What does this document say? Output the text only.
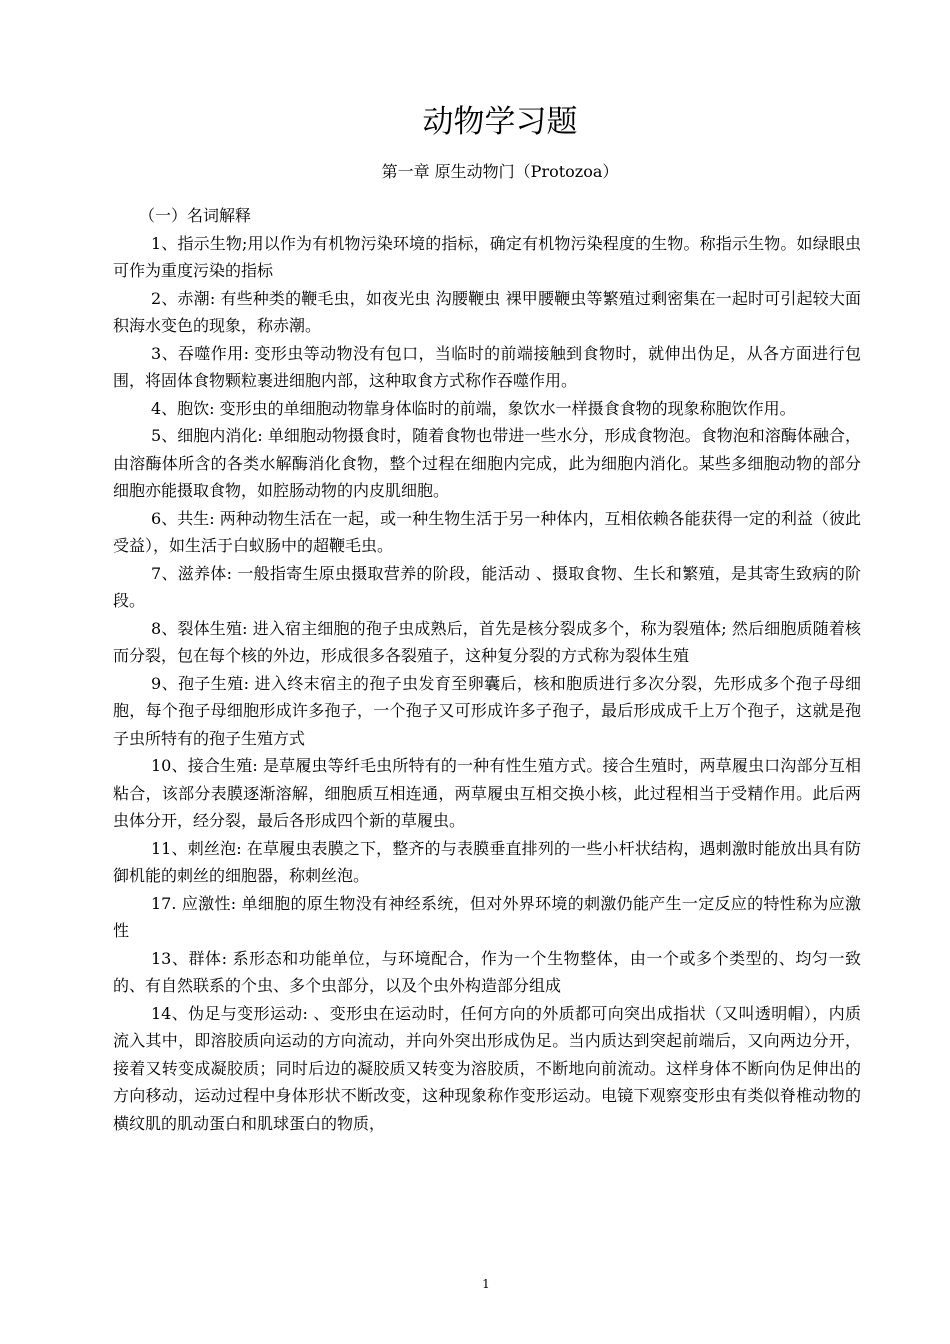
动物学习题
第一章 原生动物门（Protozoa）

（一）名词解释

1、指示生物;用以作为有机物污染环境的指标，确定有机物污染程度的生物。称指示生物。如绿眼虫可作为重度污染的指标

2、赤潮: 有些种类的鞭毛虫，如夜光虫 沟腰鞭虫 裸甲腰鞭虫等繁殖过剩密集在一起时可引起较大面积海水变色的现象，称赤潮。

3、吞噬作用: 变形虫等动物没有包口，当临时的前端接触到食物时，就伸出伪足，从各方面进行包围，将固体食物颗粒裹进细胞内部，这种取食方式称作吞噬作用。

4、胞饮: 变形虫的单细胞动物靠身体临时的前端，象饮水一样摄食食物的现象称胞饮作用。

5、细胞内消化: 单细胞动物摄食时，随着食物也带进一些水分，形成食物泡。食物泡和溶酶体融合，由溶酶体所含的各类水解酶消化食物，整个过程在细胞内完成，此为细胞内消化。某些多细胞动物的部分细胞亦能摄取食物，如腔肠动物的内皮肌细胞。

6、共生: 两种动物生活在一起，或一种生物生活于另一种体内，互相依赖各能获得一定的利益（彼此受益），如生活于白蚁肠中的超鞭毛虫。

7、滋养体: 一般指寄生原虫摄取营养的阶段，能活动 、摄取食物、生长和繁殖，是其寄生致病的阶段。

8、裂体生殖: 进入宿主细胞的孢子虫成熟后，首先是核分裂成多个，称为裂殖体; 然后细胞质随着核而分裂，包在每个核的外边，形成很多各裂殖子，这种复分裂的方式称为裂体生殖

9、孢子生殖: 进入终末宿主的孢子虫发育至卵囊后，核和胞质进行多次分裂，先形成多个孢子母细胞，每个孢子母细胞形成许多孢子，一个孢子又可形成许多子孢子，最后形成成千上万个孢子，这就是孢子虫所特有的孢子生殖方式

10、接合生殖: 是草履虫等纤毛虫所特有的一种有性生殖方式。接合生殖时，两草履虫口沟部分互相粘合，该部分表膜逐渐溶解，细胞质互相连通，两草履虫互相交换小核，此过程相当于受精作用。此后两虫体分开，经分裂，最后各形成四个新的草履虫。

11、刺丝泡: 在草履虫表膜之下，整齐的与表膜垂直排列的一些小杆状结构，遇刺激时能放出具有防御机能的刺丝的细胞器，称刺丝泡。

17. 应激性: 单细胞的原生物没有神经系统，但对外界环境的刺激仍能产生一定反应的特性称为应激性

13、群体: 系形态和功能单位，与环境配合，作为一个生物整体，由一个或多个类型的、均匀一致的、有自然联系的个虫、多个虫部分，以及个虫外构造部分组成

14、伪足与变形运动: 、变形虫在运动时，任何方向的外质都可向突出成指状（又叫透明帽），内质流入其中，即溶胶质向运动的方向流动，并向外突出形成伪足。当内质达到突起前端后，又向两边分开，接着又转变成凝胶质；同时后边的凝胶质又转变为溶胶质，不断地向前流动。这样身体不断向伪足伸出的方向移动，运动过程中身体形状不断改变，这种现象称作变形运动。电镜下观察变形虫有类似脊椎动物的横纹肌的肌动蛋白和肌球蛋白的物质，

1
